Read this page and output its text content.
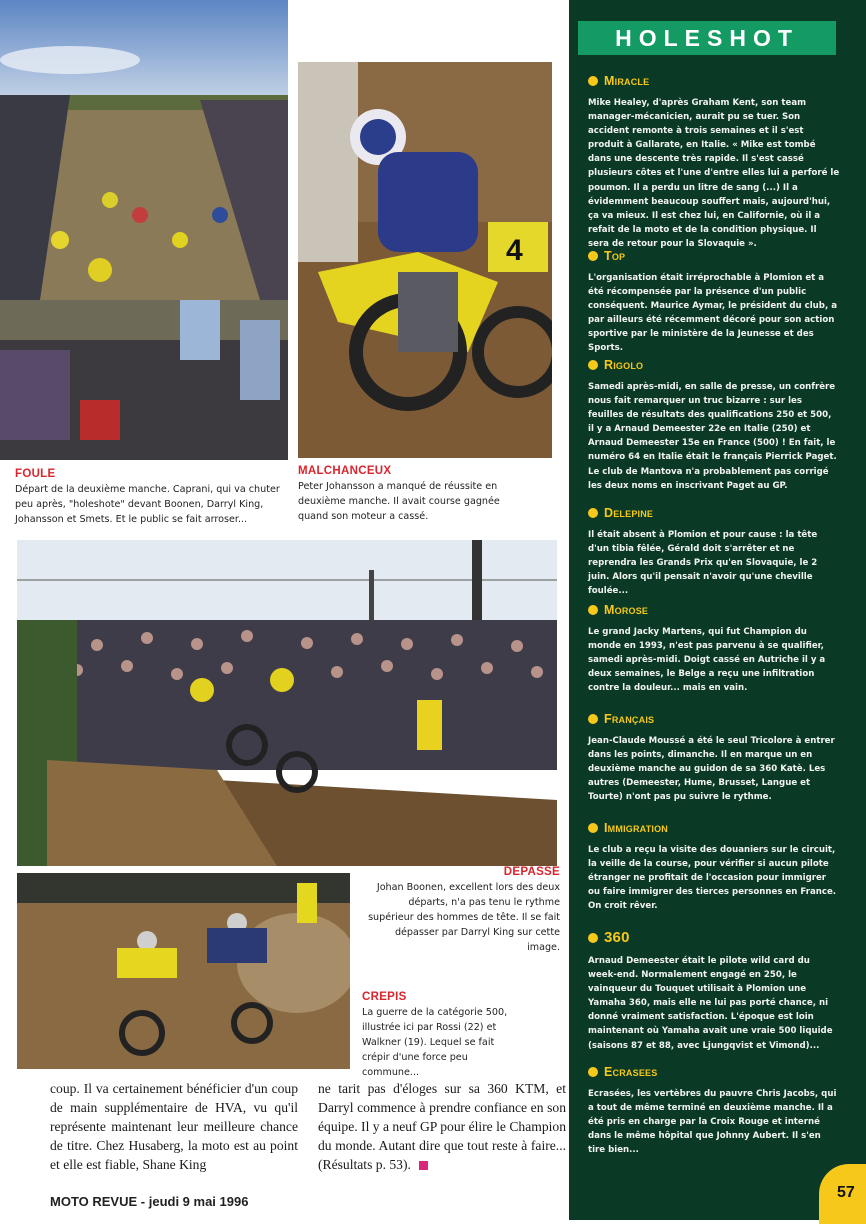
4
FOULE
Départ de la deuxième manche. Caprani, qui va chuter peu après, "holeshote" devant Boonen, Darryl King, Johansson et Smets. Et le public se fait arroser...
MALCHANCEUX
Peter Johansson a manqué de réussite en deuxième manche. Il avait course gagnée quand son moteur a cassé.
DEPASSE
Johan Boonen, excellent lors des deux départs, n'a pas tenu le rythme supérieur des hommes de tête. Il se fait dépasser par Darryl King sur cette image.
CREPIS
La guerre de la catégorie 500, illustrée ici par Rossi (22) et Walkner (19). Lequel se fait crépir d'une force peu commune...
coup. Il va certainement bénéficier d'un coup de main supplémentaire de HVA, vu qu'il représente maintenant leur meilleure chance de titre. Chez Husaberg, la moto est au point et elle est fiable, Shane King
ne tarit pas d'éloges sur sa 360 KTM, et Darryl commence à prendre confiance en son équipe. Il y a neuf GP pour élire le Champion du monde. Autant dire que tout reste à faire... (Résultats p. 53).
MOTO REVUE - jeudi 9 mai 1996
HOLESHOT
Miracle
Mike Healey, d'après Graham Kent, son team manager-mécanicien, aurait pu se tuer. Son accident remonte à trois semaines et il s'est produit à Gallarate, en Italie. « Mike est tombé dans une descente très rapide. Il s'est cassé plusieurs côtes et l'une d'entre elles lui a perforé le poumon. Il a perdu un litre de sang (...) Il a évidemment beaucoup souffert mais, aujourd'hui, ça va mieux. Il est chez lui, en Californie, où il a refait de la moto et de la condition physique. Il sera de retour pour la Slovaquie ».
Top
L'organisation était irréprochable à Plomion et a été récompensée par la présence d'un public conséquent. Maurice Aymar, le président du club, a par ailleurs été récemment décoré pour son action sportive par le ministère de la Jeunesse et des Sports.
Rigolo
Samedi après-midi, en salle de presse, un confrère nous fait remarquer un truc bizarre : sur les feuilles de résultats des qualifications 250 et 500, il y a Arnaud Demeester 22e en Italie (250) et Arnaud Demeester 15e en France (500) ! En fait, le numéro 64 en Italie était le français Pierrick Paget. Le club de Mantova n'a probablement pas corrigé les deux noms en inscrivant Paget au GP.
Delepine
Il était absent à Plomion et pour cause : la tête d'un tibia fêlée, Gérald doit s'arrêter et ne reprendra les Grands Prix qu'en Slovaquie, le 2 juin. Alors qu'il pensait n'avoir qu'une cheville foulée...
Morose
Le grand Jacky Martens, qui fut Champion du monde en 1993, n'est pas parvenu à se qualifier, samedi après-midi. Doigt cassé en Autriche il y a deux semaines, le Belge a reçu une infiltration contre la douleur... mais en vain.
Français
Jean-Claude Moussé a été le seul Tricolore à entrer dans les points, dimanche. Il en marque un en deuxième manche au guidon de sa 360 Katè. Les autres (Demeester, Hume, Brusset, Langue et Tourte) n'ont pas pu suivre le rythme.
Immigration
Le club a reçu la visite des douaniers sur le circuit, la veille de la course, pour vérifier si aucun pilote étranger ne profitait de l'occasion pour immigrer ou faire immigrer des tierces personnes en France. On croit rêver.
360
Arnaud Demeester était le pilote wild card du week-end. Normalement engagé en 250, le vainqueur du Touquet utilisait à Plomion une Yamaha 360, mais elle ne lui pas porté chance, ni donné vraiment satisfaction. L'époque est loin maintenant où Yamaha avait une vraie 500 liquide (saisons 87 et 88, avec Ljungqvist et Vimond)...
Ecrasees
Ecrasées, les vertèbres du pauvre Chris Jacobs, qui a tout de même terminé en deuxième manche. Il a été pris en charge par la Croix Rouge et interné dans le même hôpital que Johnny Aubert. Il s'en tire bien...
57
